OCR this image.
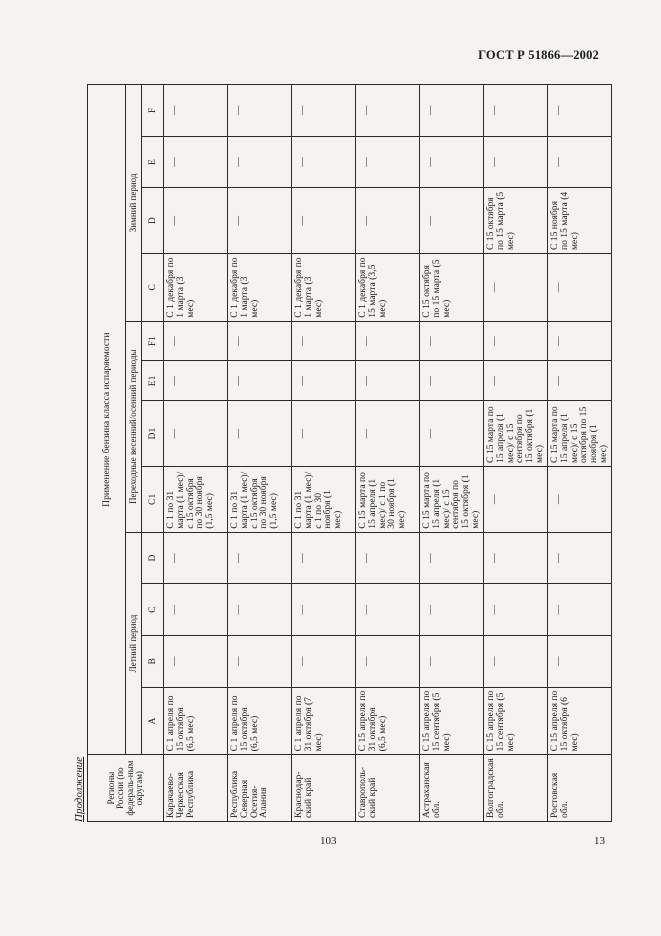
ГОСТ Р 51866—2002
Продолжение Регионы России (по федераль-ным округам)	Применение бензина класса испаряемости											
	Летний период				Переходные весенний/осенний периоды				Зимний период			
	A	B	C	D	C1	D1	E1	F1	C	D	E	F
Карачаево-Черкесская Республика	С 1 апреля по 15 октября (6,5 мес)	—	—	—	С 1 по 31 марта (1 мес)/ с 15 октября по 30 ноября (1,5 мес)	—	—	—	С 1 декабря по 1 марта (3 мес)	—	—	—
Республика Северная Осетия-Алания	С 1 апреля по 15 октября (6,5 мес)	—	—	—	С 1 по 31 марта (1 мес)/ с 15 октября по 30 ноября (1,5 мес)	—	—	—	С 1 декабря по 1 марта (3 мес)	—	—	—
Краснодар-ский край	С 1 апреля по 31 октября (7 мес)	—	—	—	С 1 по 31 марта (1 мес)/ с 1 по 30 ноября (1 мес)	—	—	—	С 1 декабря по 1 марта (3 мес)	—	—	—
Ставрополь-ский край	С 15 апреля по 31 октября (6,5 мес)	—	—	—	С 15 марта по 15 апреля (1 мес)/ с 1 по 30 ноября (1 мес)	—	—	—	С 1 декабря по 15 марта (3,5 мес)	—	—	—
Астраханская обл.	С 15 апреля по 15 сентября (5 мес)	—	—	—	С 15 марта по 15 апреля (1 мес)/ с 15 сентября по 15 октября (1 мес)	—	—	—	С 15 октября по 15 марта (5 мес)	—	—	—
Волгоградская обл.	С 15 апреля по 15 сентября (5 мес)	—	—	—	—	С 15 марта по 15 апреля (1 мес)/ с 15 сентября по 15 октября (1 мес)	—	—	—	С 15 октября по 15 марта (5 мес)	—	—
Ростовская обл.	С 15 апреля по 15 октября (6 мес)	—	—	—	—	С 15 марта по 15 апреля (1 мес)/ с 15 октября по 15 ноября (1 мес)	—	—	—	С 15 ноября по 15 марта (4 мес)	—	—
103	13
